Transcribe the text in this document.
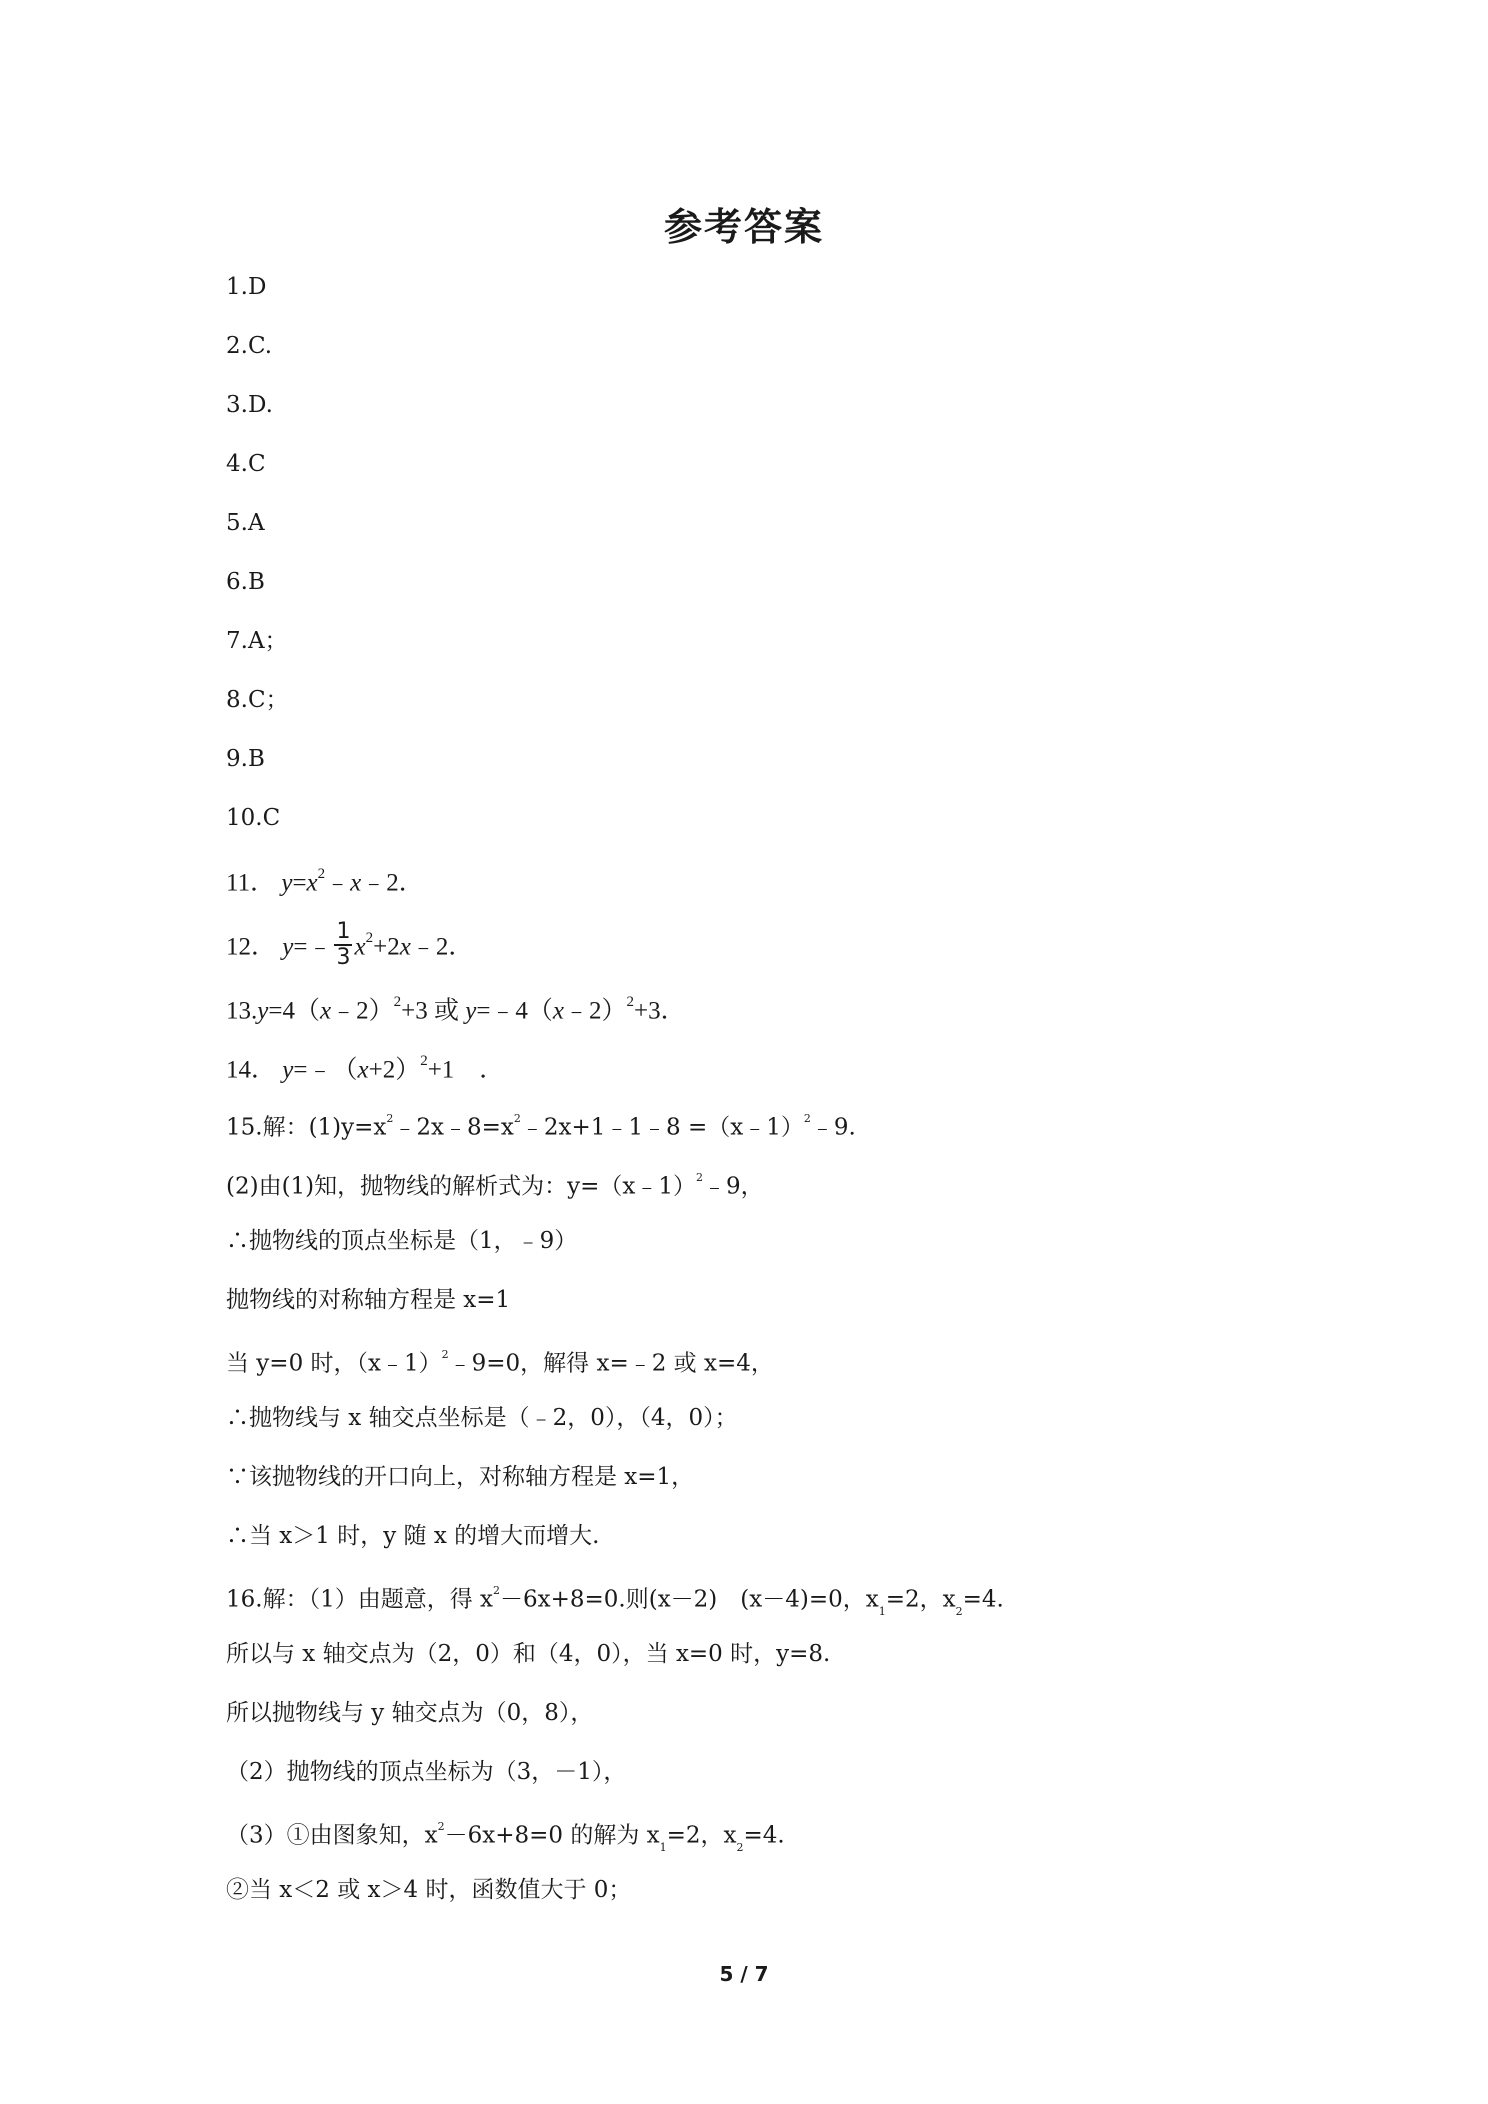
参考答案
1.D
2.C.
3.D.
4.C
5.A
6.B
7.A；
8.C；
9.B
10.C
11． $y=x^2﹣x﹣2$．
12． y=﹣ $\frac{1}{3}$ $x^2+2x﹣2$．
13.y=4（x﹣2）$^2$+3 或 y=﹣4（x﹣2）$^2$+3．
14． $y=﹣(x+2)^2+1$　．
15.解：$(1)y=x^2﹣2x﹣8=x^2﹣2x+1﹣1﹣8$ =（x﹣1）$^2$﹣9.
(2)由(1)知，抛物线的解析式为：y=（x﹣1）$^2$﹣9，
∴抛物线的顶点坐标是（1，﹣9）
抛物线的对称轴方程是 x=1
当 y=0 时，（x﹣1）$^2$﹣9=0，解得 x=﹣2 或 x=4，
∴抛物线与 x 轴交点坐标是（﹣2，0），（4，0）；
∵该抛物线的开口向上，对称轴方程是 x=1，
∴当 x＞1 时，y 随 x 的增大而增大.
16.解：（1）由题意，得 $x^2-6x+8=0$.则(x－2)　(x－4)=0，$x_1=2$，$x_2=4$.
所以与 x 轴交点为（2，0）和（4，0），当 x=0 时，y=8.
所以抛物线与 y 轴交点为（0，8），
（2）抛物线的顶点坐标为（3，－1），
（3）①由图象知，$x^2-6x+8=0$ 的解为 $x_1=2$，$x_2=4$.
②当 x＜2 或 x＞4 时，函数值大于 0；
5 / 7
